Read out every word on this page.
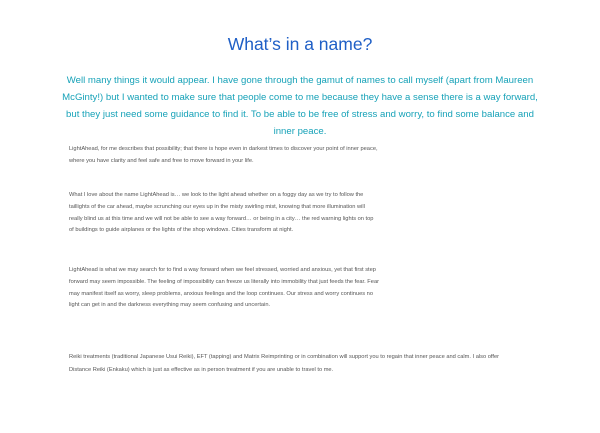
What’s in a name?

Well many things it would appear. I have gone through the gamut of names to call myself (apart from Maureen McGinty!) but I wanted to make sure that people come to me because they have a sense there is a way forward, but they just need some guidance to find it. To be able to be free of stress and worry, to find some balance and inner peace.

LightAhead, for me describes that possibility; that there is hope even in darkest times to discover your point of inner peace, where you have clarity and feel safe and free to move forward in your life.

What I love about the name LightAhead is… we look to the light ahead whether on a foggy day as we try to follow the taillights of the car ahead, maybe scrunching our eyes up in the misty swirling mist, knowing that more illumination will really blind us at this time and we will not be able to see a way forward… or being in a city… the red warning lights on top of buildings to guide airplanes or the lights of the shop windows. Cities transform at night.

LightAhead is what we may search for to find a way forward when we feel stressed, worried and anxious, yet that first step forward may seem impossible. The feeling of impossibility can freeze us literally into immobility that just feeds the fear. Fear may manifest itself as worry, sleep problems, anxious feelings and the loop continues. Our stress and worry continues no light can get in and the darkness everything may seem confusing and uncertain.

Reiki treatments (traditional Japanese Usui Reiki), EFT (tapping) and Matrix Reimprinting or in combination will support you to regain that inner peace and calm. I also offer Distance Reiki (Enkaku) which is just as effective as in person treatment if you are unable to travel to me.
